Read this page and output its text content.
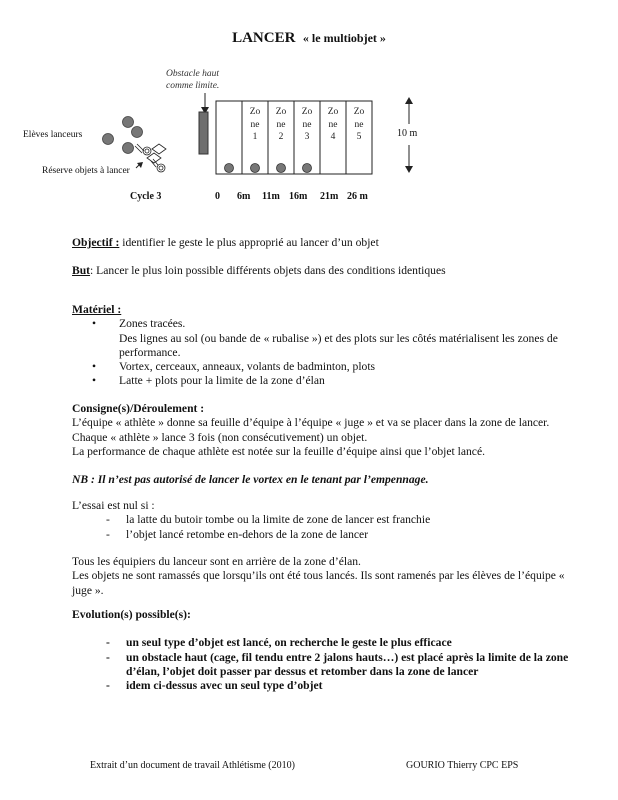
LANCER « le multiobjet »
Obstacle haut
comme limite.
Zo
ne
1
Zo
ne
2
Zo
ne
3
Zo
ne
4
Zo
ne
5
Elèves lanceurs
Réserve objets à lancer
10 m
Cycle 3	0 6m 11m 16m 21m 26 m

Objectif : identifier le geste le plus approprié au lancer d’un objet

But: Lancer le plus loin possible différents objets dans des conditions identiques

Matériel :

• Zones tracées.
Des lignes au sol (ou bande de « rubalise ») et des plots sur les côtés matérialisent les zones de performance.
• Vortex, cerceaux, anneaux, volants de badminton, plots
• Latte + plots pour la limite de la zone d’élan

Consigne(s)/Déroulement :

L’équipe « athlète » donne sa feuille d’équipe à l’équipe « juge » et va se placer dans la zone de lancer. Chaque « athlète » lance 3 fois (non consécutivement) un objet.

La performance de chaque athlète est notée sur la feuille d’équipe ainsi que l’objet lancé.

NB : Il n’est pas autorisé de lancer le vortex en le tenant par l’empennage.

L’essai est nul si :

- la latte du butoir tombe ou la limite de zone de lancer est franchie
- l’objet lancé retombe en-dehors de la zone de lancer

Tous les équipiers du lanceur sont en arrière de la zone d’élan.

Les objets ne sont ramassés que lorsqu’ils ont été tous lancés. Ils sont ramenés par les élèves de l’équipe « juge ».

Evolution(s) possible(s):

- un seul type d’objet est lancé, on recherche le geste le plus efficace
- un obstacle haut (cage, fil tendu entre 2 jalons hauts…) est placé après la limite de la zone d’élan, l’objet doit passer par dessus et retomber dans la zone de lancer
- idem ci-dessus avec un seul type d’objet
Extrait d’un document de travail Athlétisme (2010)	GOURIO Thierry CPC EPS
